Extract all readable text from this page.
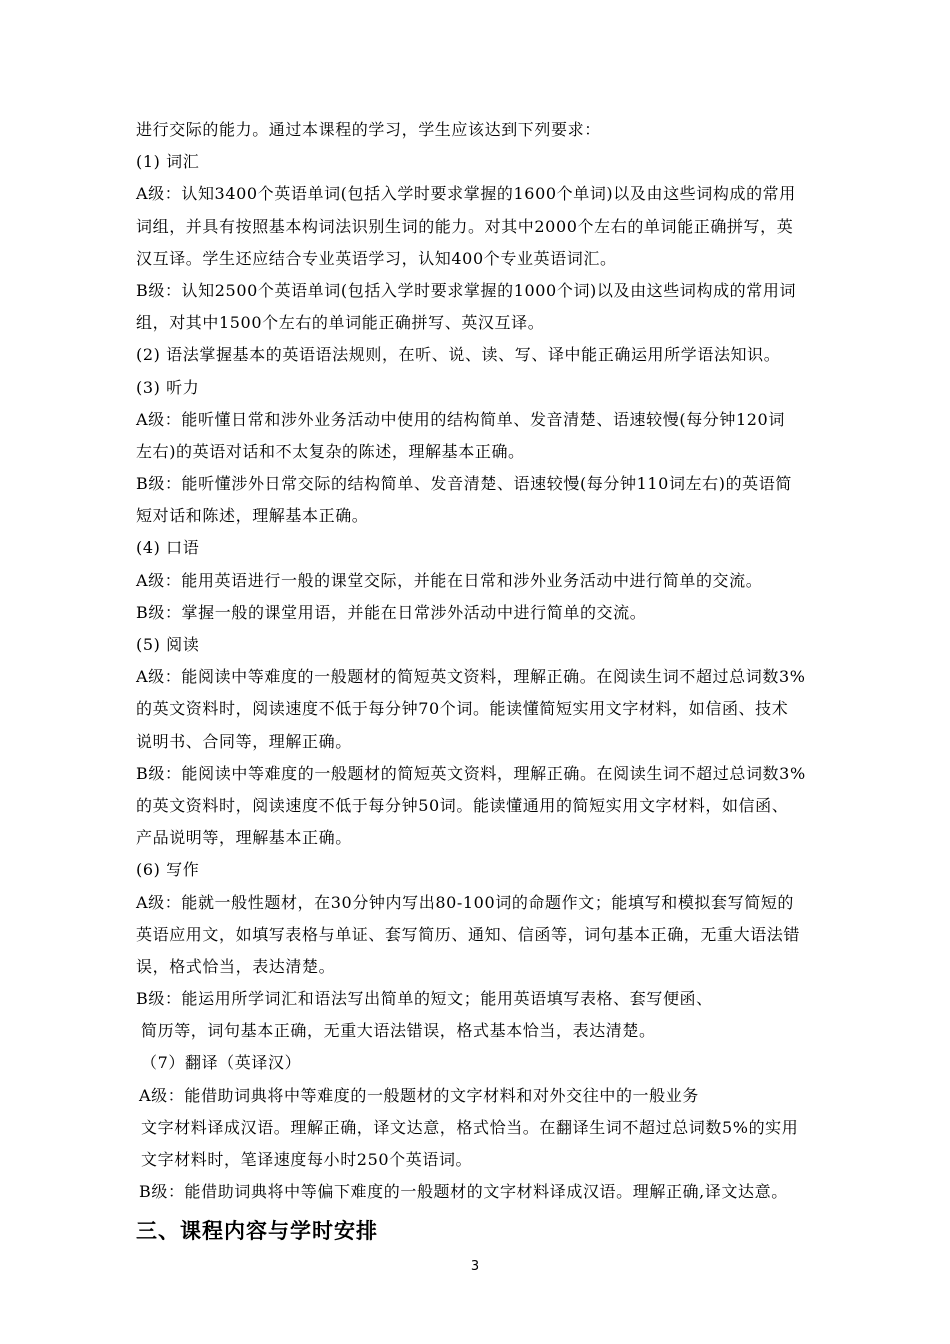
进行交际的能力。通过本课程的学习，学生应该达到下列要求：
(1) 词汇
A级：认知3400个英语单词(包括入学时要求掌握的1600个单词)以及由这些词构成的常用
词组，并具有按照基本构词法识别生词的能力。对其中2000个左右的单词能正确拼写，英
汉互译。学生还应结合专业英语学习，认知400个专业英语词汇。
B级：认知2500个英语单词(包括入学时要求掌握的1000个词)以及由这些词构成的常用词
组，对其中1500个左右的单词能正确拼写、英汉互译。
(2) 语法掌握基本的英语语法规则，在听、说、读、写、译中能正确运用所学语法知识。
(3) 听力
A级：能听懂日常和涉外业务活动中使用的结构简单、发音清楚、语速较慢(每分钟120词
左右)的英语对话和不太复杂的陈述，理解基本正确。
B级：能听懂涉外日常交际的结构简单、发音清楚、语速较慢(每分钟110词左右)的英语简
短对话和陈述，理解基本正确。
(4) 口语
A级：能用英语进行一般的课堂交际，并能在日常和涉外业务活动中进行简单的交流。
B级：掌握一般的课堂用语，并能在日常涉外活动中进行简单的交流。
(5) 阅读
A级：能阅读中等难度的一般题材的简短英文资料，理解正确。在阅读生词不超过总词数3%
的英文资料时，阅读速度不低于每分钟70个词。能读懂简短实用文字材料，如信函、技术
说明书、合同等，理解正确。
B级：能阅读中等难度的一般题材的简短英文资料，理解正确。在阅读生词不超过总词数3%
的英文资料时，阅读速度不低于每分钟50词。能读懂通用的简短实用文字材料，如信函、
产品说明等，理解基本正确。
(6) 写作
A级：能就一般性题材，在30分钟内写出80-100词的命题作文；能填写和模拟套写简短的
英语应用文，如填写表格与单证、套写简历、通知、信函等，词句基本正确，无重大语法错
误，格式恰当，表达清楚。
B级：能运用所学词汇和语法写出简单的短文；能用英语填写表格、套写便函、
简历等，词句基本正确，无重大语法错误，格式基本恰当，表达清楚。
（7）翻译（英译汉）
A级：能借助词典将中等难度的一般题材的文字材料和对外交往中的一般业务
文字材料译成汉语。理解正确，译文达意，格式恰当。在翻译生词不超过总词数5%的实用
文字材料时，笔译速度每小时250个英语词。
B级：能借助词典将中等偏下难度的一般题材的文字材料译成汉语。理解正确,译文达意。
三、课程内容与学时安排
3
